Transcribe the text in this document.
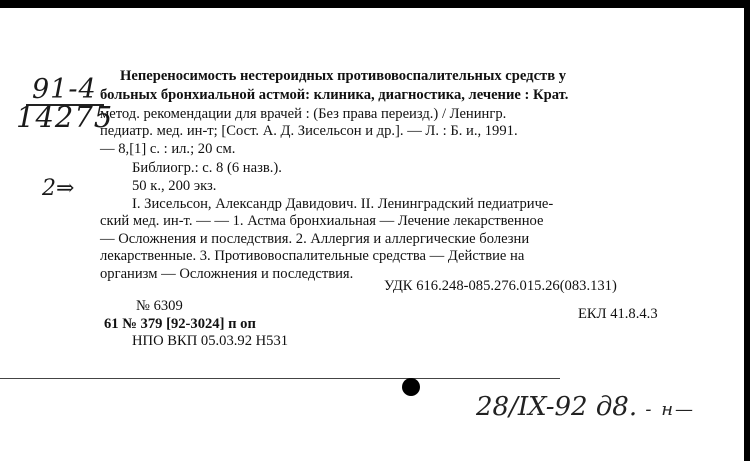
91-4
14275
2⇒
Непереносимость нестероидных противовоспалительных средств у
больных бронхиальной астмой: клиника, диагностика, лечение : Крат.
метод. рекомендации для врачей : (Без права переизд.) / Ленингр.
педиатр. мед. ин-т; [Сост. А. Д. Зисельсон и др.]. — Л. : Б. и., 1991.
— 8,[1] с. : ил.; 20 см.
Библиогр.: с. 8 (6 назв.).
50 к., 200 экз.
I. Зисельсон, Александр Давидович. II. Ленинградский педиатриче-
ский мед. ин-т. — — 1. Астма бронхиальная — Лечение лекарственное
— Осложнения и последствия. 2. Аллергия и аллергические болезни
лекарственные. 3. Противовоспалительные средства — Действие на
организм — Осложнения и последствия.
УДК 616.248-085.276.015.26(083.131)
ЕКЛ 41.8.4.3
№ 6309
61 № 379 [92-3024] п оп
НПО ВКП 05.03.92 Н531
28/IX-92 д8. - н—
